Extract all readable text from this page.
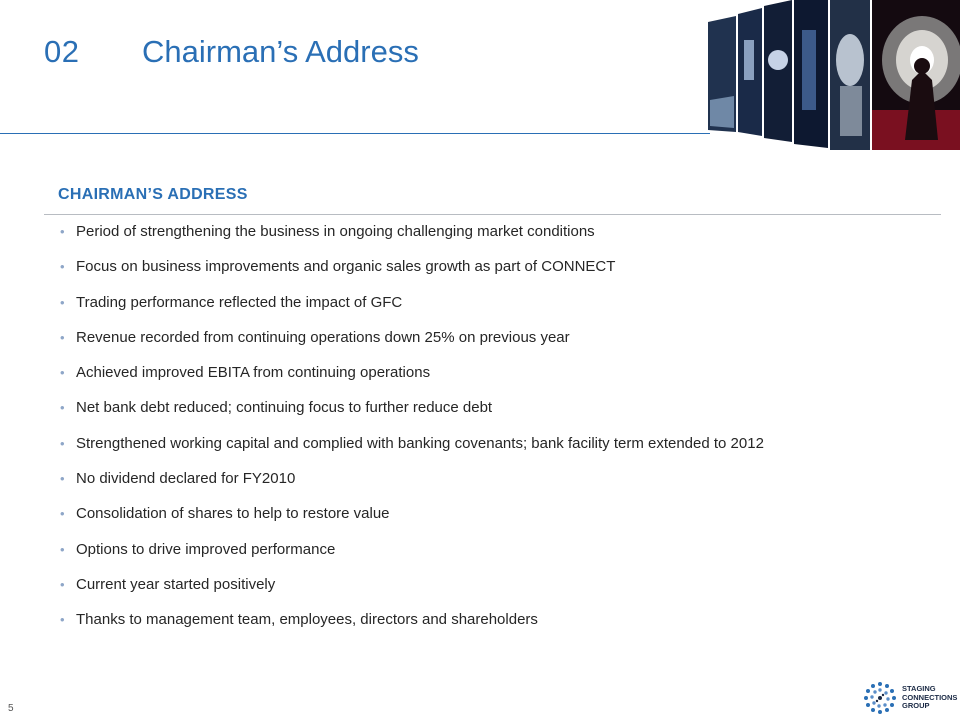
02 Chairman’s Address
CHAIRMAN’S ADDRESS
• Period of strengthening the business in ongoing challenging market conditions
• Focus on business improvements and organic sales growth as part of CONNECT
• Trading performance reflected the impact of GFC
• Revenue recorded from continuing operations down 25% on previous year
• Achieved improved EBITA from continuing operations
• Net bank debt reduced; continuing focus to further reduce debt
• Strengthened working capital and complied with banking covenants; bank facility term extended to 2012
• No dividend declared for FY2010
• Consolidation of shares to help to restore value
• Options to drive improved performance
• Current year started positively
• Thanks to management team, employees, directors and shareholders
5
STAGING
CONNECTIONS
GROUP
